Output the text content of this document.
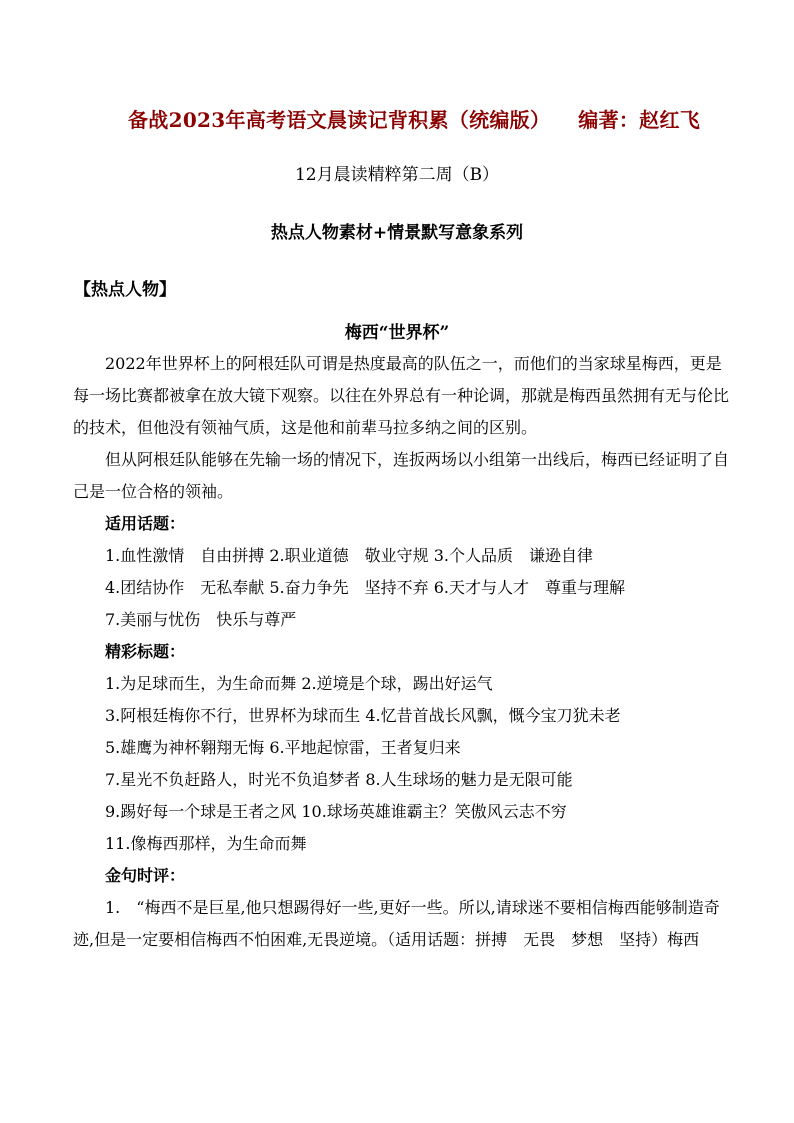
备战2023年高考语文晨读记背积累（统编版） 编著：赵红飞
12月晨读精粹第二周（B）
热点人物素材+情景默写意象系列
【热点人物】
梅西“世界杯”

2022年世界杯上的阿根廷队可谓是热度最高的队伍之一，而他们的当家球星梅西，更是每一场比赛都被拿在放大镜下观察。以往在外界总有一种论调，那就是梅西虽然拥有无与伦比的技术，但他没有领袖气质，这是他和前辈马拉多纳之间的区别。

但从阿根廷队能够在先输一场的情况下，连扳两场以小组第一出线后，梅西已经证明了自己是一位合格的领袖。

适用话题：

1.血性激情　自由拼搏 2.职业道德　敬业守规 3.个人品质　谦逊自律

4.团结协作　无私奉献 5.奋力争先　坚持不弃 6.天才与人才　尊重与理解

7.美丽与忧伤　快乐与尊严

精彩标题：

1.为足球而生，为生命而舞 2.逆境是个球，踢出好运气

3.阿根廷梅你不行，世界杯为球而生 4.忆昔首战长风飘，慨今宝刀犹未老

5.雄鹰为神杯翱翔无悔 6.平地起惊雷，王者复归来

7.星光不负赶路人，时光不负追梦者 8.人生球场的魅力是无限可能

9.踢好每一个球是王者之风 10.球场英雄谁霸主？笑傲风云志不穷

11.像梅西那样，为生命而舞

金句时评：

1.　“梅西不是巨星,他只想踢得好一些,更好一些。所以,请球迷不要相信梅西能够制造奇迹,但是一定要相信梅西不怕困难,无畏逆境。（适用话题：拼搏　无畏　梦想　坚持）梅西
